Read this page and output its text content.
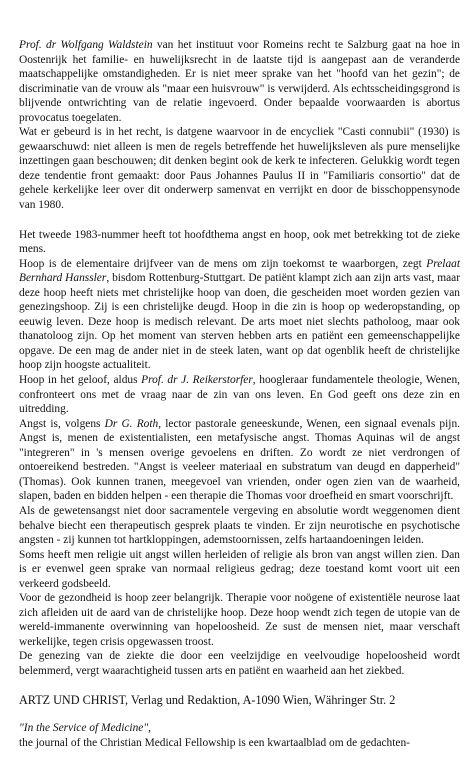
Prof. dr Wolfgang Waldstein van het instituut voor Romeins recht te Salzburg gaat na hoe in Oostenrijk het familie- en huwelijksrecht in de laatste tijd is aangepast aan de veranderde maatschappelijke omstandigheden. Er is niet meer sprake van het "hoofd van het gezin"; de discriminatie van de vrouw als "maar een huisvrouw" is verwijderd. Als echtsscheidingsgrond is blijvende ontwrichting van de relatie ingevoerd. Onder bepaalde voorwaarden is abortus provocatus toegelaten.

Wat er gebeurd is in het recht, is datgene waarvoor in de encycliek "Casti connubii" (1930) is gewaarschuwd: niet alleen is men de regels betreffende het huwelijksleven als pure menselijke inzettingen gaan beschouwen; dit denken begint ook de kerk te infecteren. Gelukkig wordt tegen deze tendentie front gemaakt: door Paus Johannes Paulus II in "Familiaris consortio" dat de gehele kerkelijke leer over dit onderwerp samenvat en verrijkt en door de bisschoppensynode van 1980.

Het tweede 1983-nummer heeft tot hoofdthema angst en hoop, ook met betrekking tot de zieke mens.

Hoop is de elementaire drijfveer van de mens om zijn toekomst te waarborgen, zegt Prelaat Bernhard Hanssler, bisdom Rottenburg-Stuttgart. De patiënt klampt zich aan zijn arts vast, maar deze hoop heeft niets met christelijke hoop van doen, die gescheiden moet worden gezien van genezingshoop. Zij is een christelijke deugd. Hoop in die zin is hoop op wederopstanding, op eeuwig leven. Deze hoop is medisch relevant. De arts moet niet slechts patholoog, maar ook thanatoloog zijn. Op het moment van sterven hebben arts en patiënt een gemeenschappelijke opgave. De een mag de ander niet in de steek laten, want op dat ogenblik heeft de christelijke hoop zijn hoogste actualiteit.

Hoop in het geloof, aldus Prof. dr J. Reikerstorfer, hoogleraar fundamentele theologie, Wenen, confronteert ons met de vraag naar de zin van ons leven. En God geeft ons deze zin en uitredding.

Angst is, volgens Dr G. Roth, lector pastorale geneeskunde, Wenen, een signaal evenals pijn. Angst is, menen de existentialisten, een metafysische angst. Thomas Aquinas wil de angst "integreren" in 's mensen overige gevoelens en driften. Zo wordt ze niet verdrongen of ontoereikend bestreden. "Angst is veeleer materiaal en substratum van deugd en dapperheid" (Thomas). Ook kunnen tranen, meegevoel van vrienden, onder ogen zien van de waarheid, slapen, baden en bidden helpen - een therapie die Thomas voor droefheid en smart voorschrijft.

Als de gewetensangst niet door sacramentele vergeving en absolutie wordt weggenomen dient behalve biecht een therapeutisch gesprek plaats te vinden. Er zijn neurotische en psychotische angsten - zij kunnen tot hartkloppingen, ademstoornissen, zelfs hartaandoeningen leiden.

Soms heeft men religie uit angst willen herleiden of religie als bron van angst willen zien. Dan is er evenwel geen sprake van normaal religieus gedrag; deze toestand komt voort uit een verkeerd godsbeeld.

Voor de gezondheid is hoop zeer belangrijk. Therapie voor noögene of existentiële neurose laat zich afleiden uit de aard van de christelijke hoop. Deze hoop wendt zich tegen de utopie van de wereld-immanente overwinning van hopeloosheid. Ze sust de mensen niet, maar verschaft werkelijke, tegen crisis opgewassen troost.

De genezing van de ziekte die door een veelzijdige en veelvoudige hopeloosheid wordt belemmerd, vergt waarachtigheid tussen arts en patiënt en waarheid aan het ziekbed.

ARTZ UND CHRIST, Verlag und Redaktion, A-1090 Wien, Währinger Str. 2

"In the Service of Medicine",

the journal of the Christian Medical Fellowship is een kwartaalblad om de gedachten-
